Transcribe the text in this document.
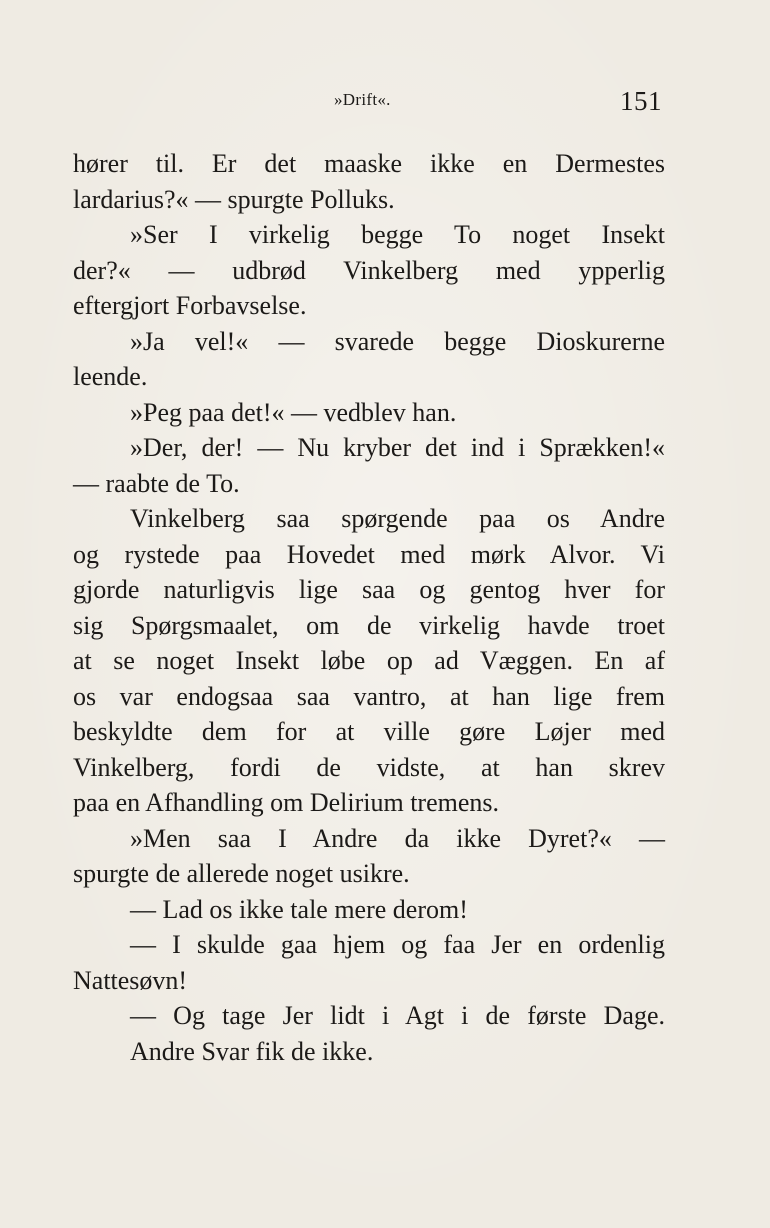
»Drift«.	151
hører til. Er det maaske ikke en Dermestes
lardarius?« — spurgte Polluks.
»Ser I virkelig begge To noget Insekt
der?« — udbrød Vinkelberg med ypperlig
eftergjort Forbavselse.
»Ja vel!« — svarede begge Dioskurerne
leende.
»Peg paa det!« — vedblev han.
»Der, der! — Nu kryber det ind i Sprækken!«
— raabte de To.
Vinkelberg saa spørgende paa os Andre
og rystede paa Hovedet med mørk Alvor. Vi
gjorde naturligvis lige saa og gentog hver for
sig Spørgsmaalet, om de virkelig havde troet
at se noget Insekt løbe op ad Væggen. En af
os var endogsaa saa vantro, at han lige frem
beskyldte dem for at ville gøre Løjer med
Vinkelberg, fordi de vidste, at han skrev
paa en Afhandling om Delirium tremens.
»Men saa I Andre da ikke Dyret?« —
spurgte de allerede noget usikre.
— Lad os ikke tale mere derom!
— I skulde gaa hjem og faa Jer en ordenlig
Nattesøvn!
— Og tage Jer lidt i Agt i de første Dage.
Andre Svar fik de ikke.
